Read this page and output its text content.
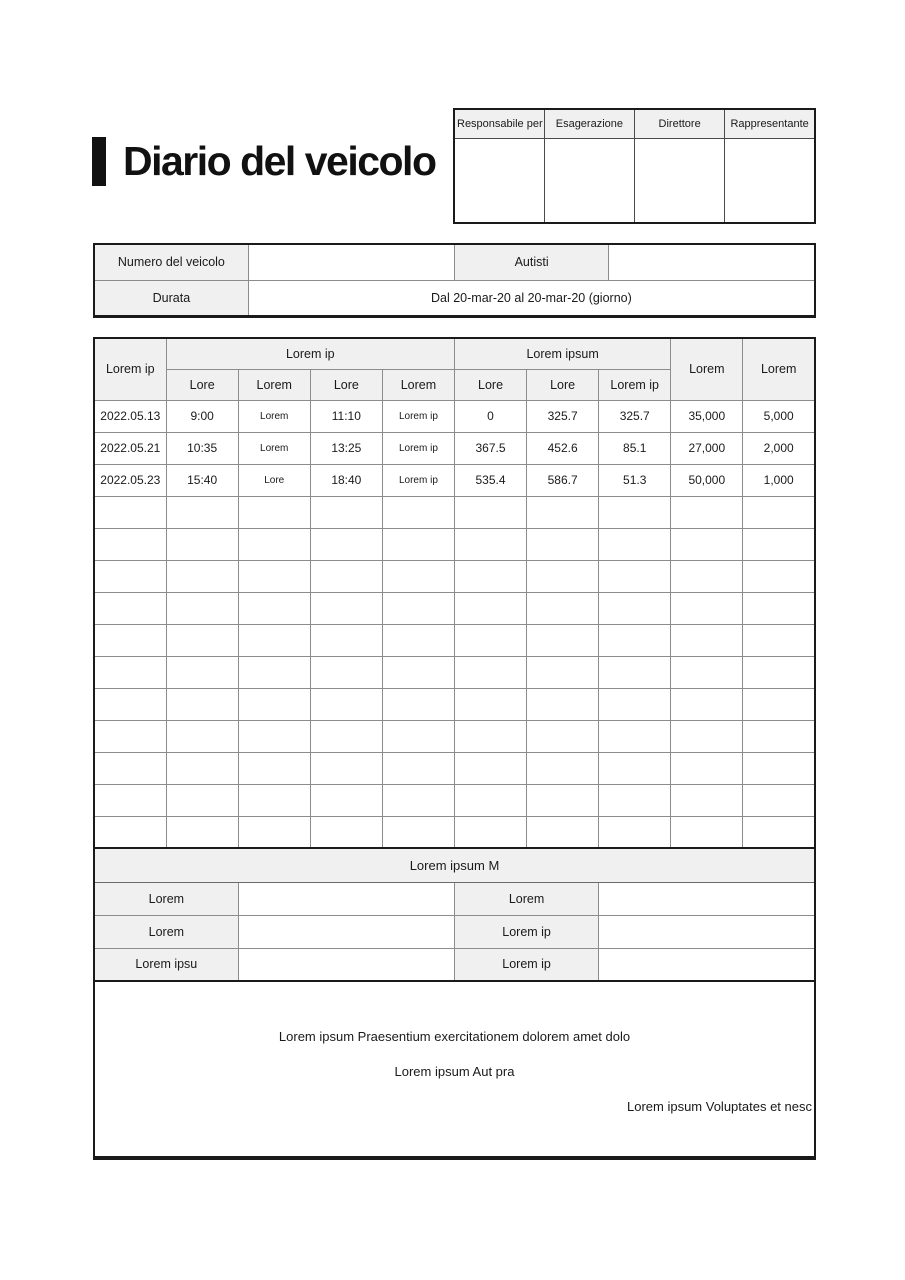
Diario del veicolo
Responsabile per	Esagerazione	Direttore	Rappresentante

Numero del veicolo		Autisti	
Durata	Dal 20-mar-20 al 20-mar-20 (giorno)		
Lorem ip	Lorem ip				Lorem ipsum			Lorem	Lorem
	Lore	Lorem	Lore	Lorem	Lore	Lore	Lorem ip		
2022.05.13	9:00	Lorem	11:10	Lorem ip	0	325.7	325.7	35,000	5,000
2022.05.21	10:35	Lorem	13:25	Lorem ip	367.5	452.6	85.1	27,000	2,000
2022.05.23	15:40	Lore	18:40	Lorem ip	535.4	586.7	51.3	50,000	1,000

Lorem ipsum M			
Lorem		Lorem	
Lorem		Lorem ip	
Lorem ipsu		Lorem ip	
Lorem ipsum Praesentium exercitationem dolorem amet dolo
Lorem ipsum Aut pra
Lorem ipsum Voluptates et nesc
